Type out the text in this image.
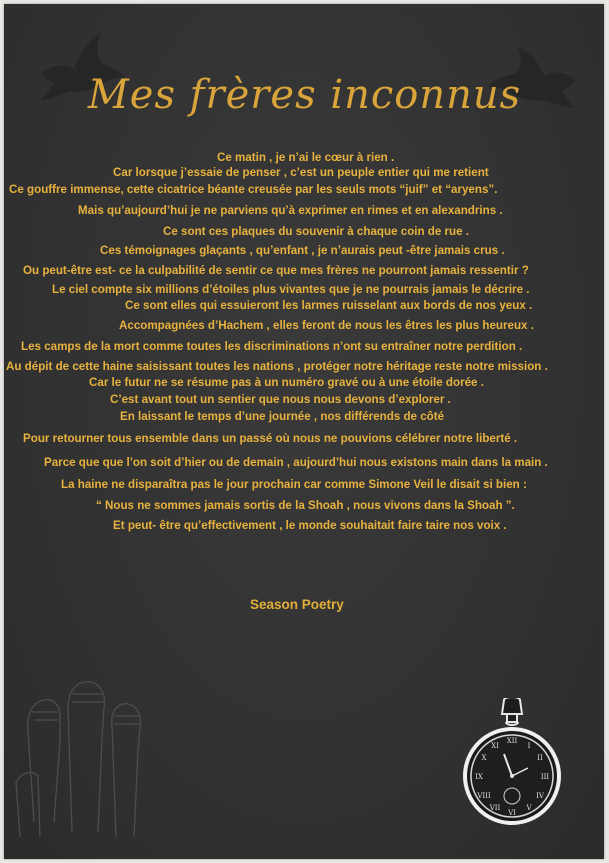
Mes frères inconnus
Ce matin , je n’ai le cœur à rien .
Car lorsque j’essaie de penser , c’est un peuple entier qui me retient
Ce gouffre immense, cette cicatrice béante creusée par les seuls mots “juif” et “aryens”.
Mais qu’aujourd’hui je ne parviens qu’à exprimer en rimes et en alexandrins .
Ce sont ces plaques du souvenir à chaque coin de rue .
Ces témoignages glaçants , qu’enfant , je n’aurais peut -être jamais crus .
Ou peut-être est- ce la culpabilité de sentir ce que mes frères ne pourront jamais ressentir ?
Le ciel compte six millions d’étoiles plus vivantes que je ne pourrais jamais le décrire .
Ce sont elles qui essuieront les larmes ruisselant aux bords de nos yeux .
Accompagnées d’Hachem , elles feront de nous les êtres les plus heureux .
Les camps de la mort comme toutes les discriminations n’ont su entraîner notre perdition .
Au dépit de cette haine saisissant toutes les nations , protéger notre héritage reste notre mission .
Car le futur ne se résume pas à un numéro gravé ou à une étoile dorée .
C’est avant tout un sentier que nous nous devons d’explorer .
En laissant le temps d’une journée , nos différends de côté
Pour retourner tous ensemble dans un passé où nous ne pouvions célébrer notre liberté .
Parce que que l’on soit d’hier ou de demain , aujourd’hui nous existons main dans la main .
La haine ne disparaîtra pas le jour prochain car comme Simone Veil le disait si bien :
“ Nous ne sommes jamais sortis de la Shoah , nous vivons dans la Shoah ”.
Et peut- être qu’effectivement , le monde souhaitait faire taire nos voix .
Season Poetry
XII
III
VI
IX
I
II
IV
V
VII
VIII
X
XI
